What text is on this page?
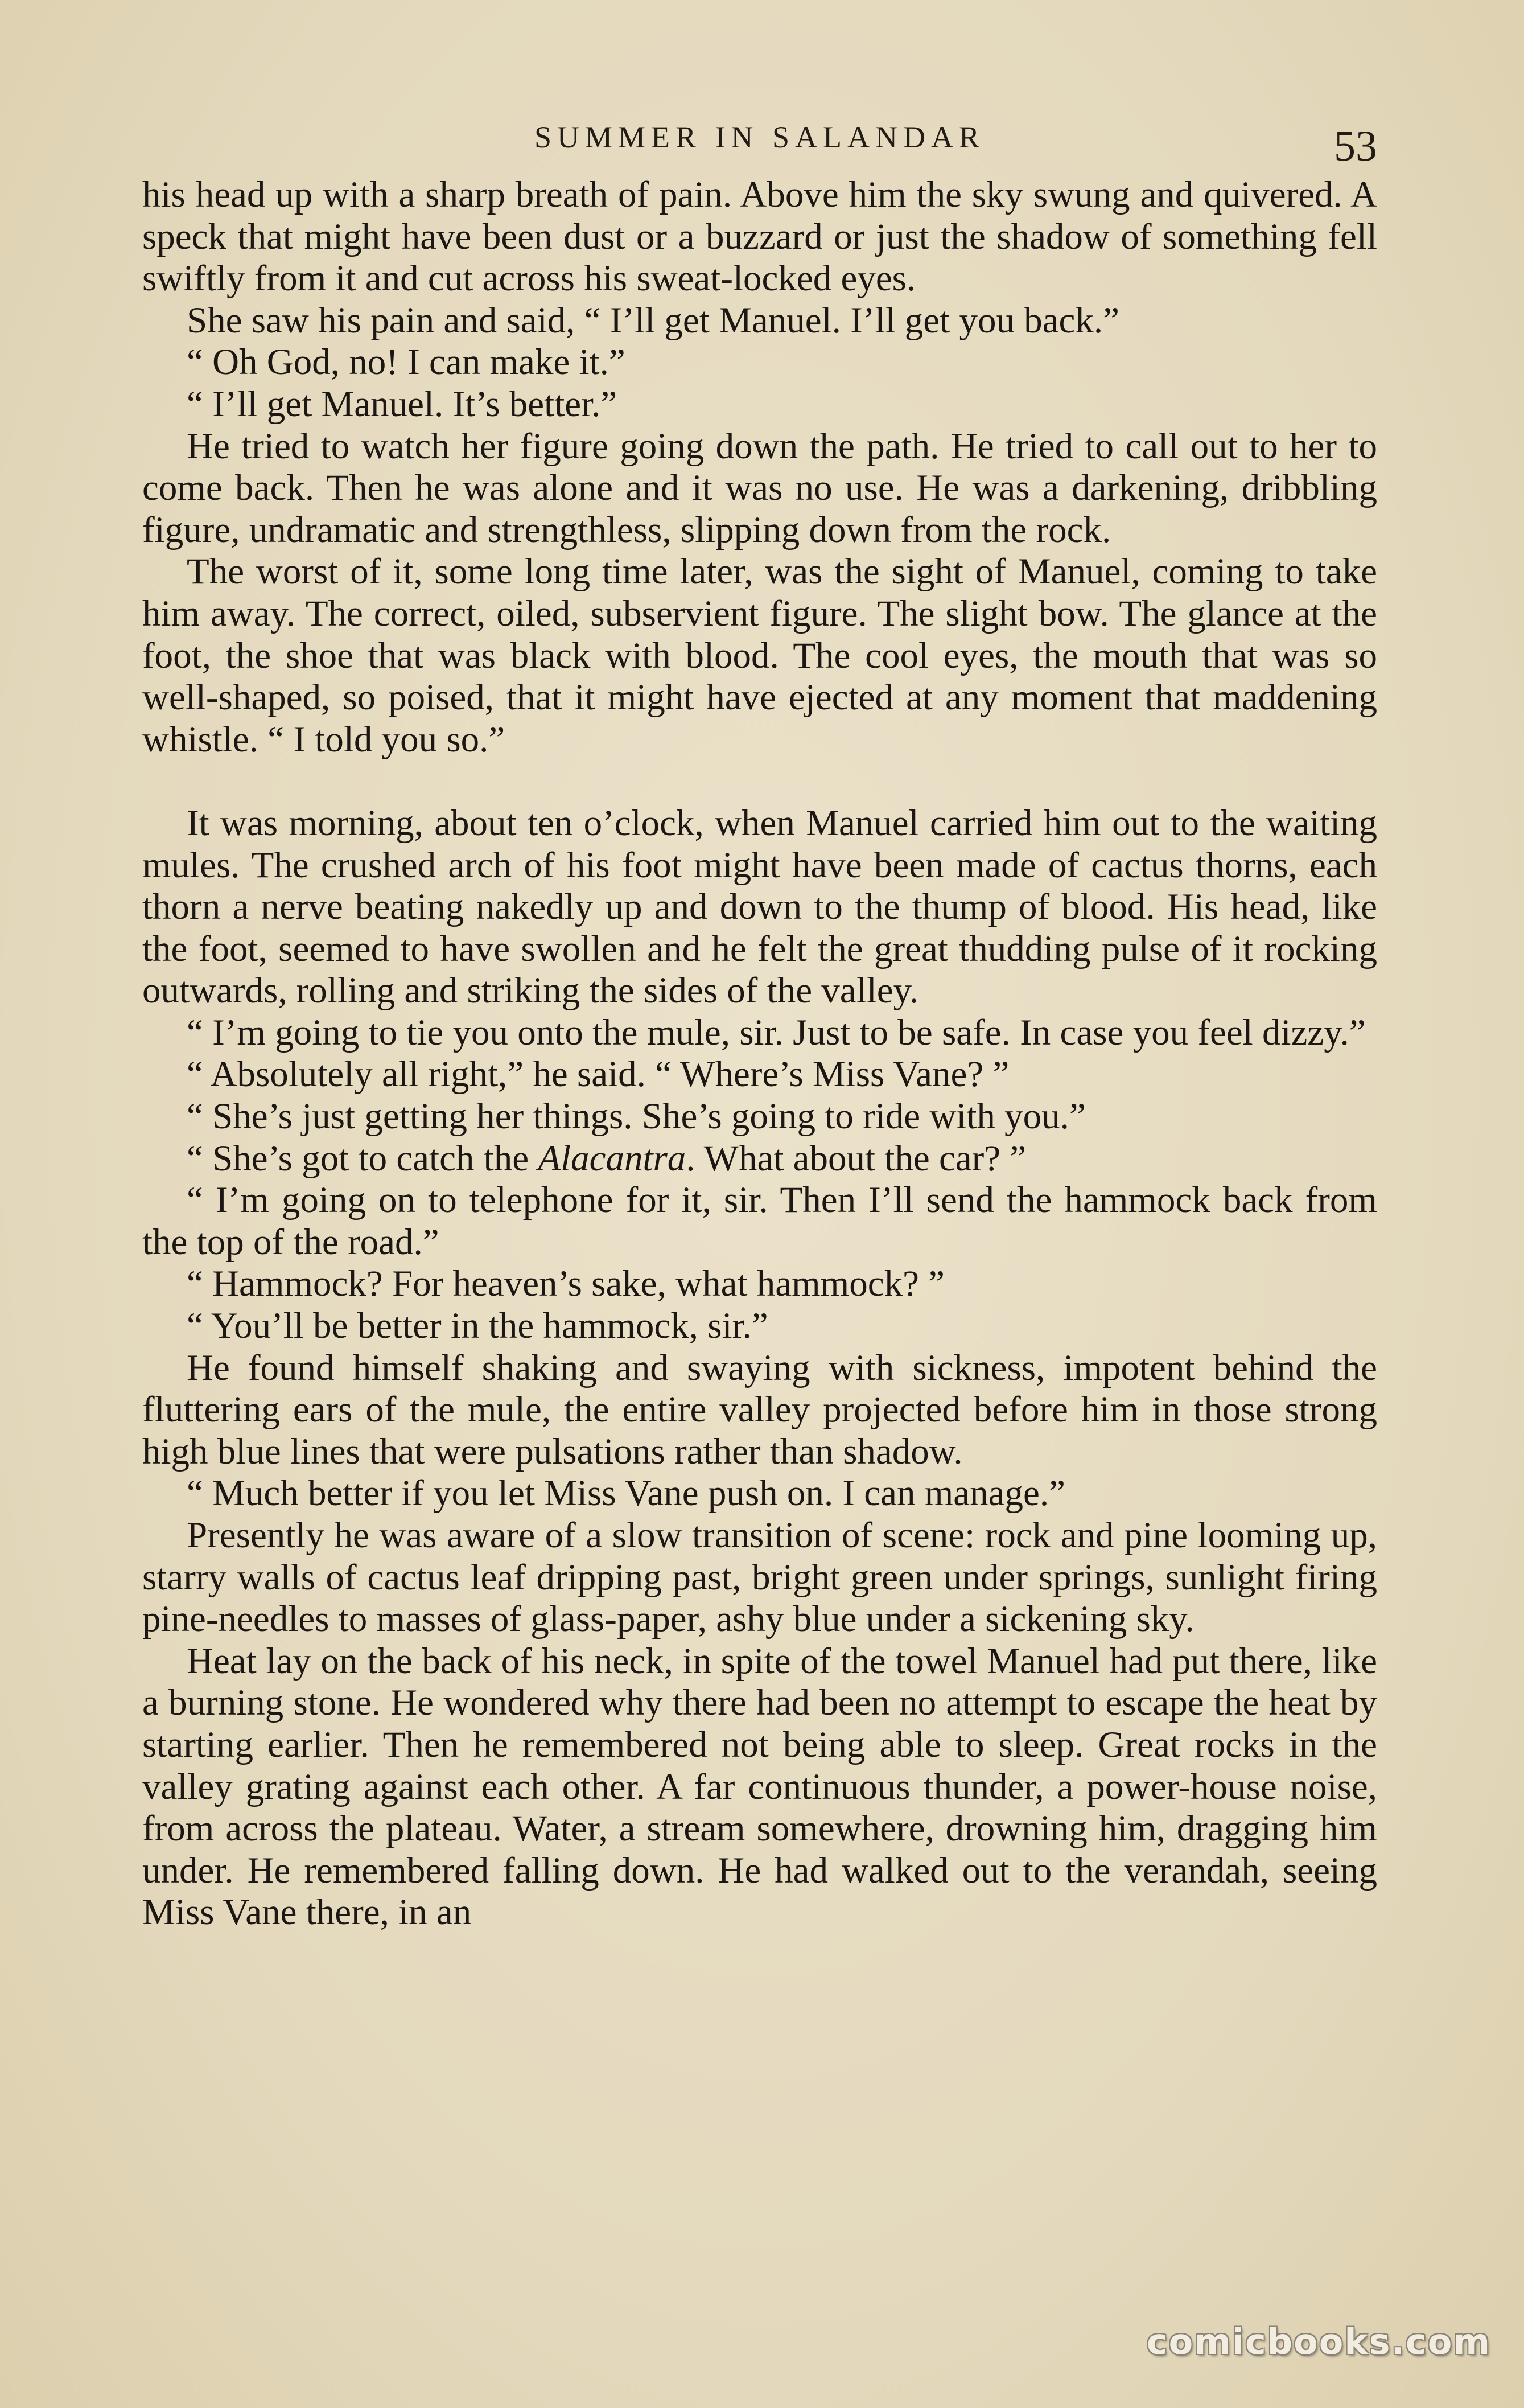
SUMMER IN SALANDAR	53

his head up with a sharp breath of pain. Above him the sky swung and quivered. A speck that might have been dust or a buzzard or just the shadow of something fell swiftly from it and cut across his sweat-locked eyes.

She saw his pain and said, “ I’ll get Manuel. I’ll get you back.”

“ Oh God, no! I can make it.”

“ I’ll get Manuel. It’s better.”

He tried to watch her figure going down the path. He tried to call out to her to come back. Then he was alone and it was no use. He was a darkening, dribbling figure, undramatic and strengthless, slipping down from the rock.

The worst of it, some long time later, was the sight of Manuel, coming to take him away. The correct, oiled, subservient figure. The slight bow. The glance at the foot, the shoe that was black with blood. The cool eyes, the mouth that was so well-shaped, so poised, that it might have ejected at any moment that maddening whistle. “ I told you so.”

It was morning, about ten o’clock, when Manuel carried him out to the waiting mules. The crushed arch of his foot might have been made of cactus thorns, each thorn a nerve beating nakedly up and down to the thump of blood. His head, like the foot, seemed to have swollen and he felt the great thudding pulse of it rocking outwards, rolling and striking the sides of the valley.

“ I’m going to tie you onto the mule, sir. Just to be safe. In case you feel dizzy.”

“ Absolutely all right,” he said. “ Where’s Miss Vane? ”

“ She’s just getting her things. She’s going to ride with you.”

“ She’s got to catch the Alacantra. What about the car? ”

“ I’m going on to telephone for it, sir. Then I’ll send the hammock back from the top of the road.”

“ Hammock? For heaven’s sake, what hammock? ”

“ You’ll be better in the hammock, sir.”

He found himself shaking and swaying with sickness, impotent behind the fluttering ears of the mule, the entire valley projected before him in those strong high blue lines that were pulsations rather than shadow.

“ Much better if you let Miss Vane push on. I can manage.”

Presently he was aware of a slow transition of scene: rock and pine looming up, starry walls of cactus leaf dripping past, bright green under springs, sunlight firing pine-needles to masses of glass-paper, ashy blue under a sickening sky.

Heat lay on the back of his neck, in spite of the towel Manuel had put there, like a burning stone. He wondered why there had been no attempt to escape the heat by starting earlier. Then he remembered not being able to sleep. Great rocks in the valley grating against each other. A far continuous thunder, a power-house noise, from across the plateau. Water, a stream somewhere, drowning him, dragging him under. He remembered falling down. He had walked out to the verandah, seeing Miss Vane there, in an

comicbooks.com
